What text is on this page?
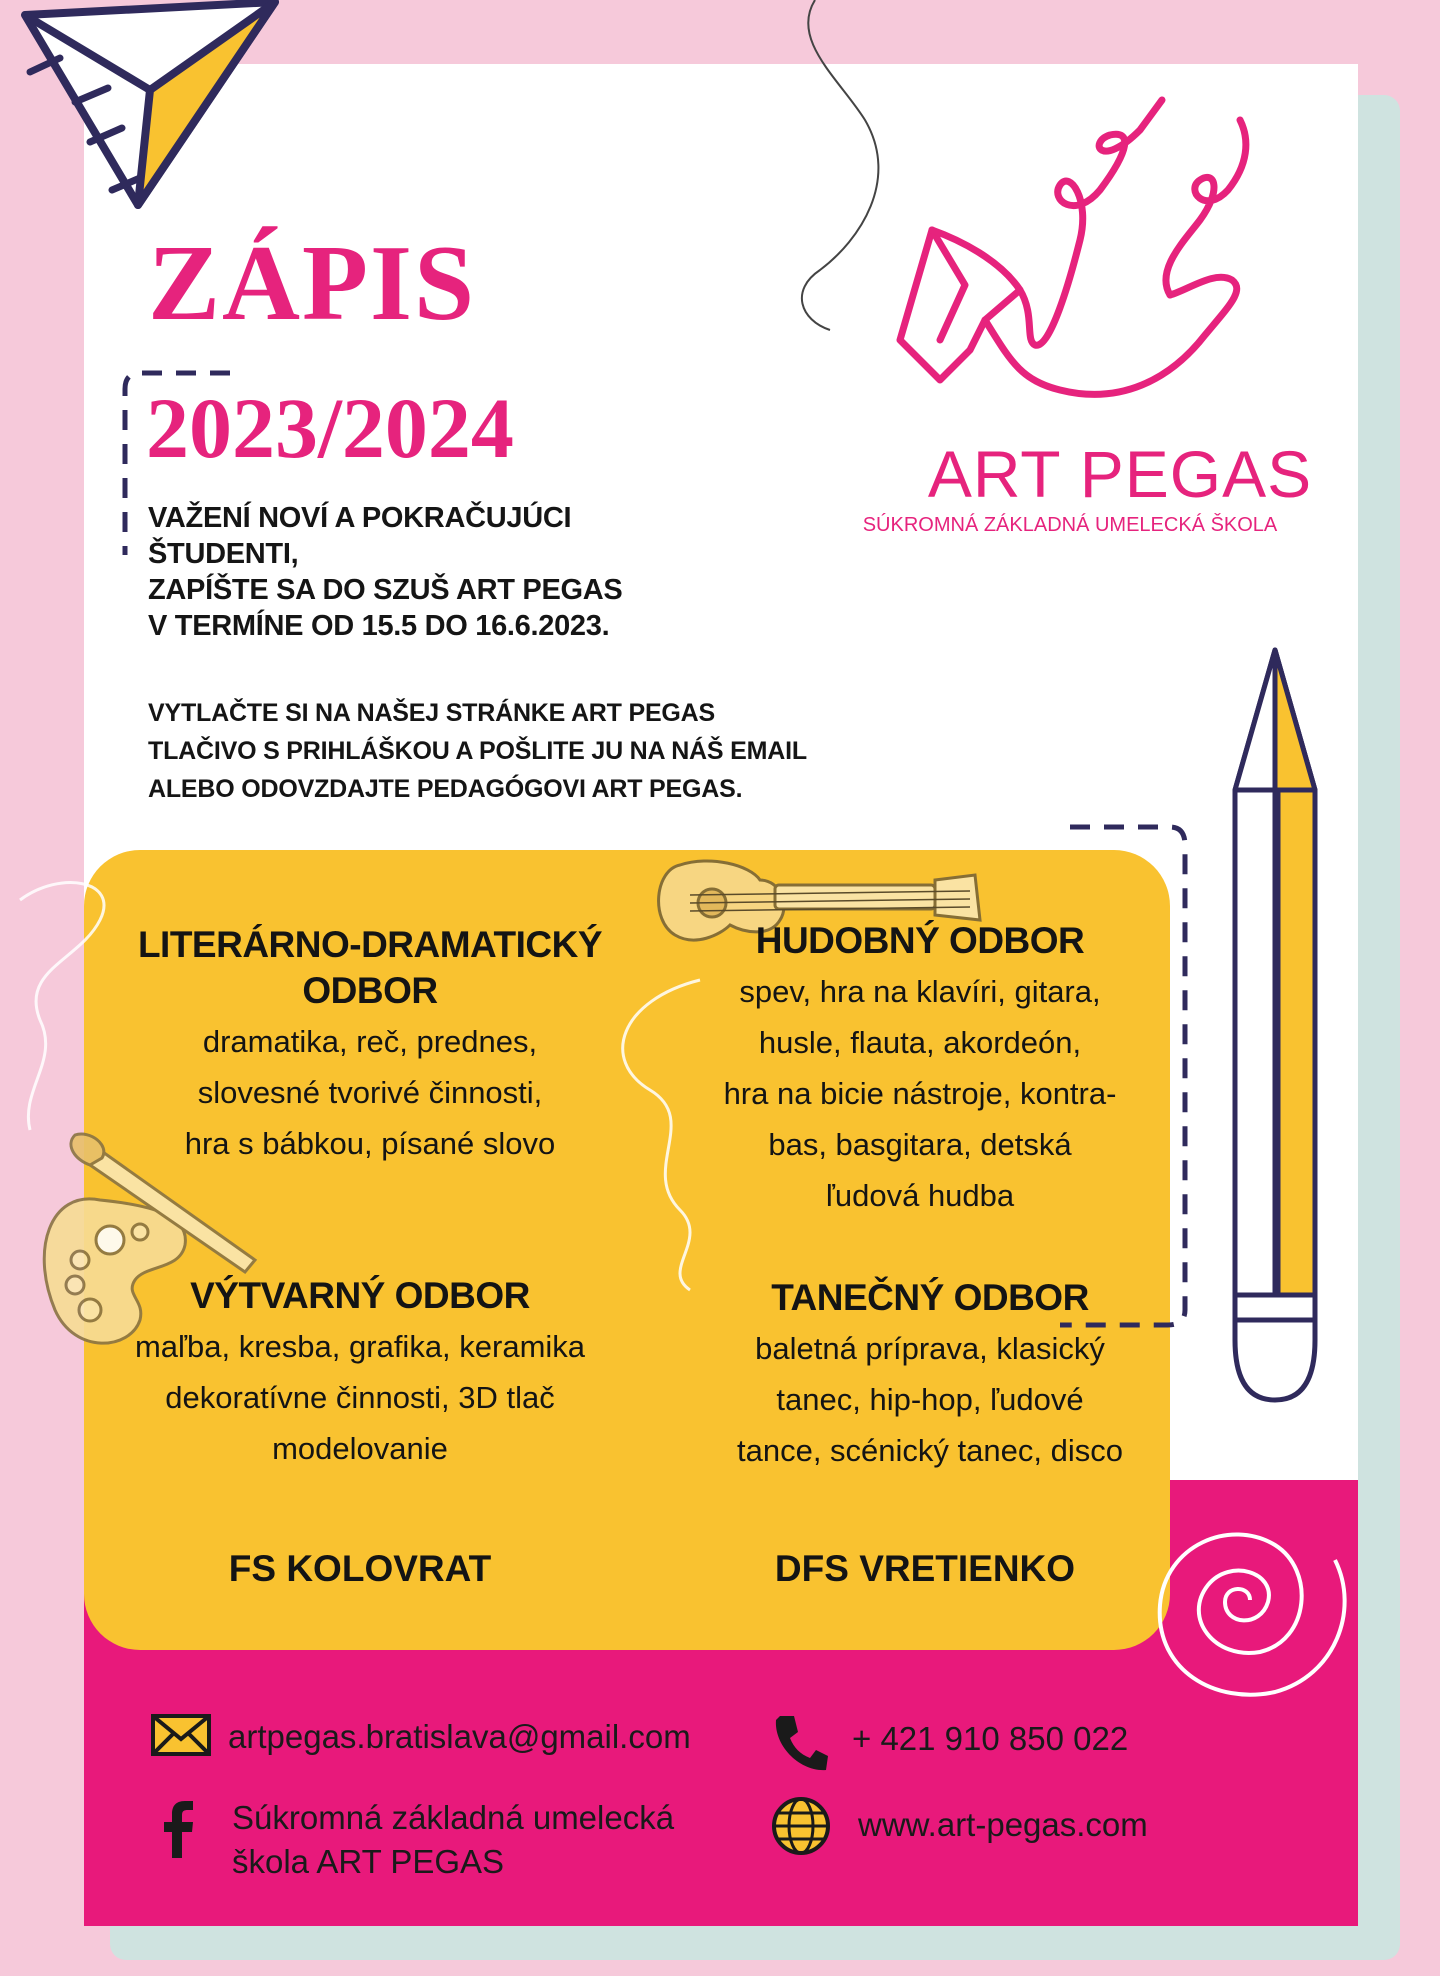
ZÁPIS
2023/2024

VAŽENÍ NOVÍ A POKRAČUJÚCI

ŠTUDENTI,

ZAPÍŠTE SA DO SZUŠ ART PEGAS

V TERMÍNE OD 15.5 DO 16.6.2023.

VYTLAČTE SI NA NAŠEJ STRÁNKE ART PEGAS

TLAČIVO S PRIHLÁŠKOU A POŠLITE JU NA NÁŠ EMAIL

ALEBO ODOVZDAJTE PEDAGÓGOVI ART PEGAS.

ART PEGAS
SÚKROMNÁ ZÁKLADNÁ UMELECKÁ ŠKOLA
LITERÁRNO-DRAMATICKÝ
ODBOR
dramatika, reč, prednes,
slovesné tvorivé činnosti,
hra s bábkou, písané slovo
HUDOBNÝ ODBOR
spev, hra na klavíri, gitara,
husle, flauta, akordeón,
hra na bicie nástroje, kontra-
bas, basgitara, detská
ľudová hudba
VÝTVARNÝ ODBOR
maľba, kresba, grafika, keramika
dekoratívne činnosti, 3D tlač
modelovanie
TANEČNÝ ODBOR
baletná príprava, klasický
tanec, hip-hop, ľudové
tance, scénický tanec, disco
FS KOLOVRAT	DFS VRETIENKO
artpegas.bratislava@gmail.com	+ 421 910 850 022
Súkromná základná umelecká
škola ART PEGAS
www.art-pegas.com
